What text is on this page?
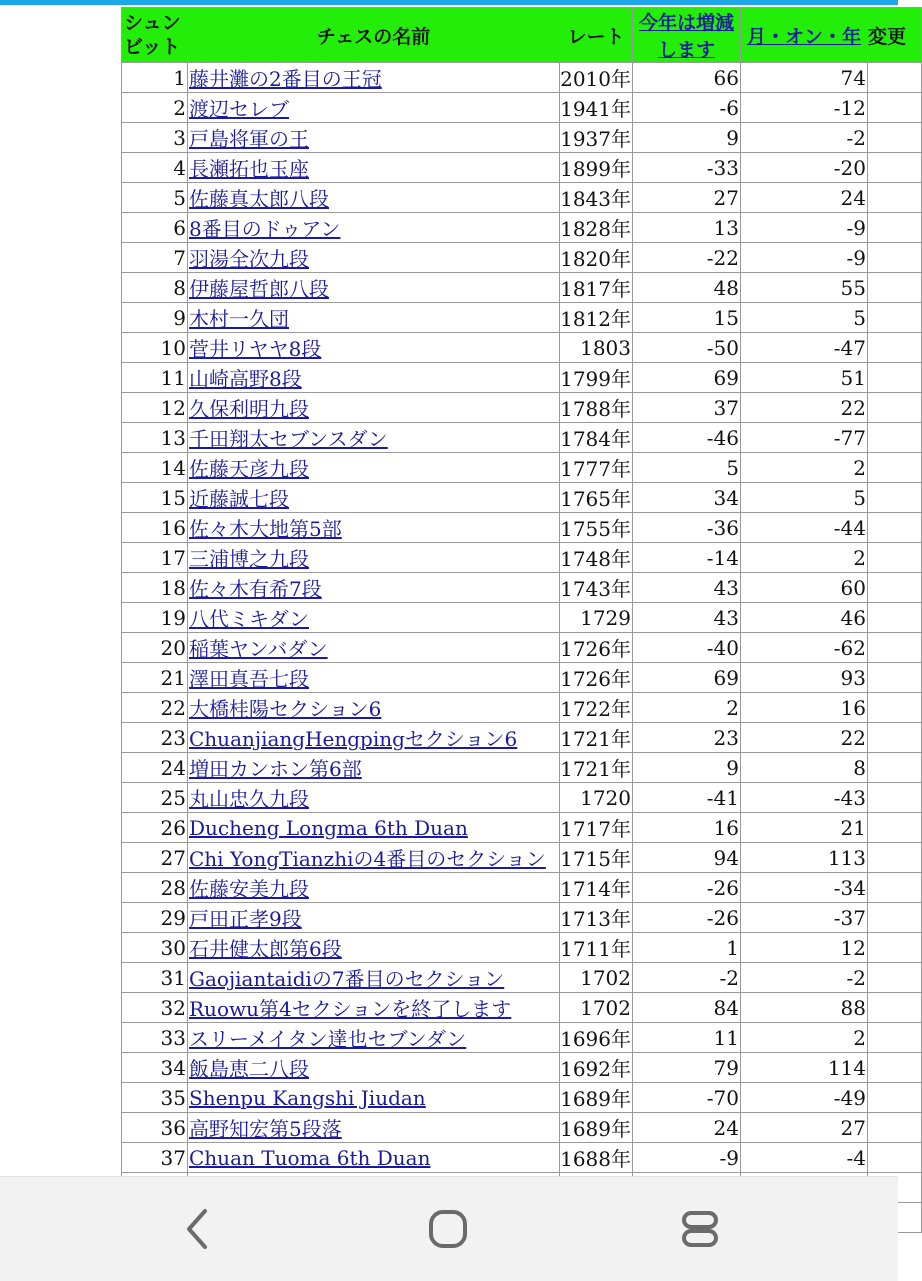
シュンビット	チェスの名前	レート	今年は増減します	月・オン・年	変更
1	藤井灘の2番目の王冠	2010年	66	74	
2	渡辺セレブ	1941年	-6	-12	
3	戸島将軍の王	1937年	9	-2	
4	長瀬拓也玉座	1899年	-33	-20	
5	佐藤真太郎八段	1843年	27	24	
6	8番目のドゥアン	1828年	13	-9	
7	羽湯全次九段	1820年	-22	-9	
8	伊藤屋哲郎八段	1817年	48	55	
9	木村一久団	1812年	15	5	
10	菅井リヤヤ8段	1803	-50	-47	
11	山崎高野8段	1799年	69	51	
12	久保利明九段	1788年	37	22	
13	千田翔太セブンスダン	1784年	-46	-77	
14	佐藤天彦九段	1777年	5	2	
15	近藤誠七段	1765年	34	5	
16	佐々木大地第5部	1755年	-36	-44	
17	三浦博之九段	1748年	-14	2	
18	佐々木有希7段	1743年	43	60	
19	八代ミキダン	1729	43	46	
20	稲葉ヤンバダン	1726年	-40	-62	
21	澤田真吾七段	1726年	69	93	
22	大橋桂陽セクション6	1722年	2	16	
23	ChuanjiangHengpingセクション6	1721年	23	22	
24	増田カンホン第6部	1721年	9	8	
25	丸山忠久九段	1720	-41	-43	
26	Ducheng Longma 6th Duan	1717年	16	21	
27	Chi YongTianzhiの4番目のセクション	1715年	94	113	
28	佐藤安美九段	1714年	-26	-34	
29	戸田正孝9段	1713年	-26	-37	
30	石井健太郎第6段	1711年	1	12	
31	Gaojiantaidiの7番目のセクション	1702	-2	-2	
32	Ruowu第4セクションを終了します	1702	84	88	
33	スリーメイタン達也セブンダン	1696年	11	2	
34	飯島恵二八段	1692年	79	114	
35	Shenpu Kangshi Jiudan	1689年	-70	-49	
36	高野知宏第5段落	1689年	24	27	
37	Chuan Tuoma 6th Duan	1688年	-9	-4	
